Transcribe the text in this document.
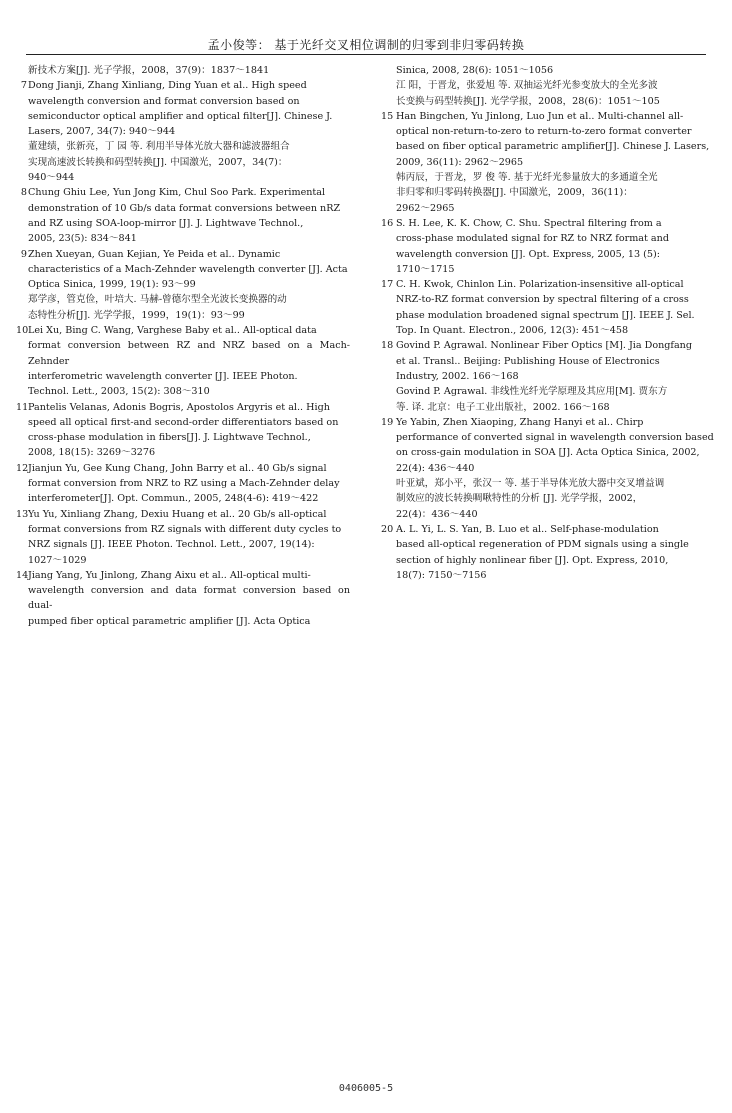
孟小俊等： 基于光纤交叉相位调制的归零到非归零码转换
新技术方案[J]. 光子学报，2008，37(9)：1837～1841
7 Dong Jianji, Zhang Xinliang, Ding Yuan et al.. High speed
wavelength conversion and format conversion based on
semiconductor optical amplifier and optical filter[J]. Chinese J.
Lasers, 2007, 34(7): 940～944
董建绩，张新亮，丁 园 等. 利用半导体光放大器和滤波器组合
实现高速波长转换和码型转换[J]. 中国激光，2007，34(7)：
940～944
8 Chung Ghiu Lee, Yun Jong Kim, Chul Soo Park. Experimental
demonstration of 10 Gb/s data format conversions between nRZ
and RZ using SOA-loop-mirror [J]. J. Lightwave Technol.,
2005, 23(5): 834～841
9 Zhen Xueyan, Guan Kejian, Ye Peida et al.. Dynamic
characteristics of a Mach-Zehnder wavelength converter [J]. Acta
Optica Sinica, 1999, 19(1): 93～99
郑学彦，管克俭，叶培大. 马赫-曾德尔型全光波长变换器的动
态特性分析[J]. 光学学报，1999，19(1)：93～99
10 Lei Xu, Bing C. Wang, Varghese Baby et al.. All-optical data
format conversion between RZ and NRZ based on a Mach-Zehnder
interferometric wavelength converter [J]. IEEE Photon.
Technol. Lett., 2003, 15(2): 308～310
11 Pantelis Velanas, Adonis Bogris, Apostolos Argyris et al.. High
speed all optical first-and second-order differentiators based on
cross-phase modulation in fibers[J]. J. Lightwave Technol.,
2008, 18(15): 3269～3276
12 Jianjun Yu, Gee Kung Chang, John Barry et al.. 40 Gb/s signal
format conversion from NRZ to RZ using a Mach-Zehnder delay
interferometer[J]. Opt. Commun., 2005, 248(4-6): 419～422
13 Yu Yu, Xinliang Zhang, Dexiu Huang et al.. 20 Gb/s all-optical
format conversions from RZ signals with different duty cycles to
NRZ signals [J]. IEEE Photon. Technol. Lett., 2007, 19(14):
1027～1029
14 Jiang Yang, Yu Jinlong, Zhang Aixu et al.. All-optical multi-
wavelength conversion and data format conversion based on dual-
pumped fiber optical parametric amplifier [J]. Acta Optica
Sinica, 2008, 28(6): 1051～1056
江 阳，于晋龙，张爱旭 等. 双抽运光纤光参变放大的全光多波
长变换与码型转换[J]. 光学学报，2008，28(6)：1051～105
15 Han Bingchen, Yu Jinlong, Luo Jun et al.. Multi-channel all-
optical non-return-to-zero to return-to-zero format converter
based on fiber optical parametric amplifier[J]. Chinese J. Lasers,
2009, 36(11): 2962～2965
韩丙辰，于晋龙，罗 俊 等. 基于光纤光参量放大的多通道全光
非归零和归零码转换器[J]. 中国激光，2009，36(11)：
2962～2965
16 S. H. Lee, K. K. Chow, C. Shu. Spectral filtering from a
cross-phase modulated signal for RZ to NRZ format and
wavelength conversion [J]. Opt. Express, 2005, 13 (5):
1710～1715
17 C. H. Kwok, Chinlon Lin. Polarization-insensitive all-optical
NRZ-to-RZ format conversion by spectral filtering of a cross
phase modulation broadened signal spectrum [J]. IEEE J. Sel.
Top. In Quant. Electron., 2006, 12(3): 451～458
18 Govind P. Agrawal. Nonlinear Fiber Optics [M]. Jia Dongfang
et al. Transl.. Beijing: Publishing House of Electronics
Industry, 2002. 166～168
Govind P. Agrawal. 非线性光纤光学原理及其应用[M]. 贾东方
等. 译. 北京：电子工业出版社，2002. 166～168
19 Ye Yabin, Zhen Xiaoping, Zhang Hanyi et al.. Chirp
performance of converted signal in wavelength conversion based
on cross-gain modulation in SOA [J]. Acta Optica Sinica, 2002,
22(4): 436～440
叶亚斌，郑小平，张汉一 等. 基于半导体光放大器中交叉增益调
制效应的波长转换啁啾特性的分析 [J]. 光学学报，2002，
22(4)：436～440
20 A. L. Yi, L. S. Yan, B. Luo et al.. Self-phase-modulation
based all-optical regeneration of PDM signals using a single
section of highly nonlinear fiber [J]. Opt. Express, 2010,
18(7): 7150～7156
0406005-5
